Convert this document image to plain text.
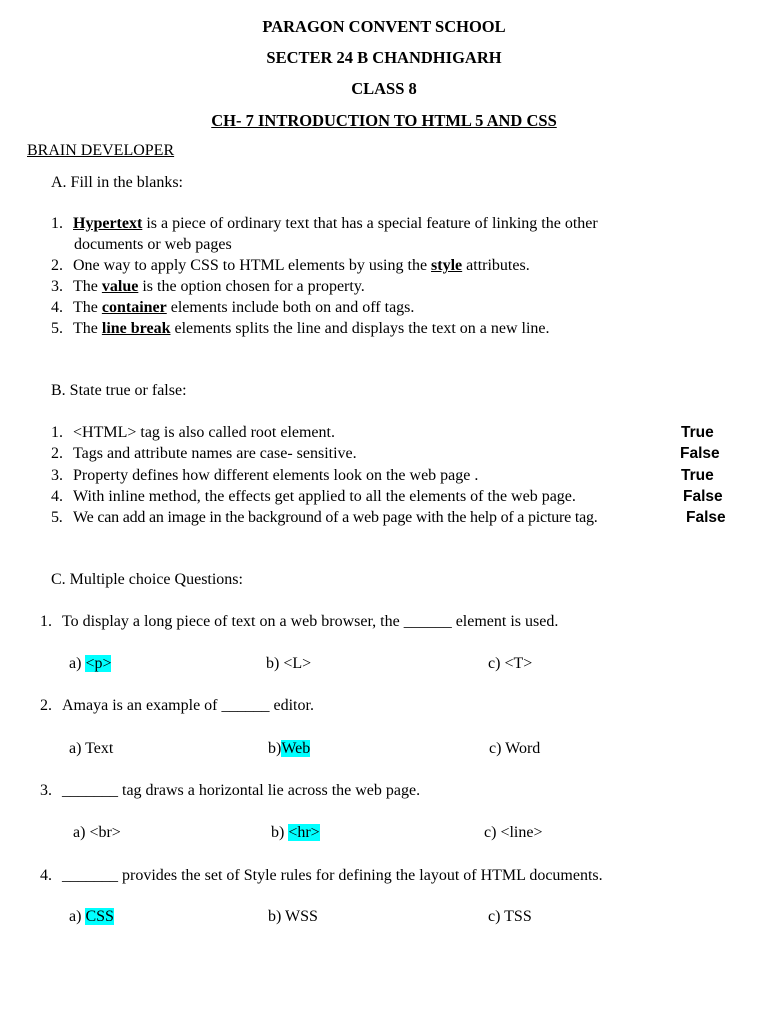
PARAGON CONVENT SCHOOL
SECTER 24 B CHANDHIGARH
CLASS 8
CH- 7 INTRODUCTION TO HTML 5 AND CSS
BRAIN DEVELOPER
A. Fill in the blanks:
1. Hypertext is a piece of ordinary text that has a special feature of linking the other
documents or web pages
2. One way to apply CSS to HTML elements by using the style attributes.
3. The value is the option chosen for a property.
4. The container elements include both on and off tags.
5. The line break elements splits the line and displays the text on a new line.
B. State true or false:
1. <HTML> tag is also called root element.	True
2. Tags and attribute names are case- sensitive.	False
3. Property defines how different elements look on the web page .	True
4. With inline method, the effects get applied to all the elements of the web page.	False
5. We can add an image in the background of a web page with the help of a picture tag.	False
C. Multiple choice Questions:
1. To display a long piece of text on a web browser, the ______ element is used.
a) <p>	b) <L>	c) <T>
2. Amaya is an example of ______ editor.
a) Text	b)Web	c) Word
3. _______ tag draws a horizontal lie across the web page.
a) <br>	b) <hr>	c) <line>
4. _______ provides the set of Style rules for defining the layout of HTML documents.
a) CSS	b) WSS	c) TSS
